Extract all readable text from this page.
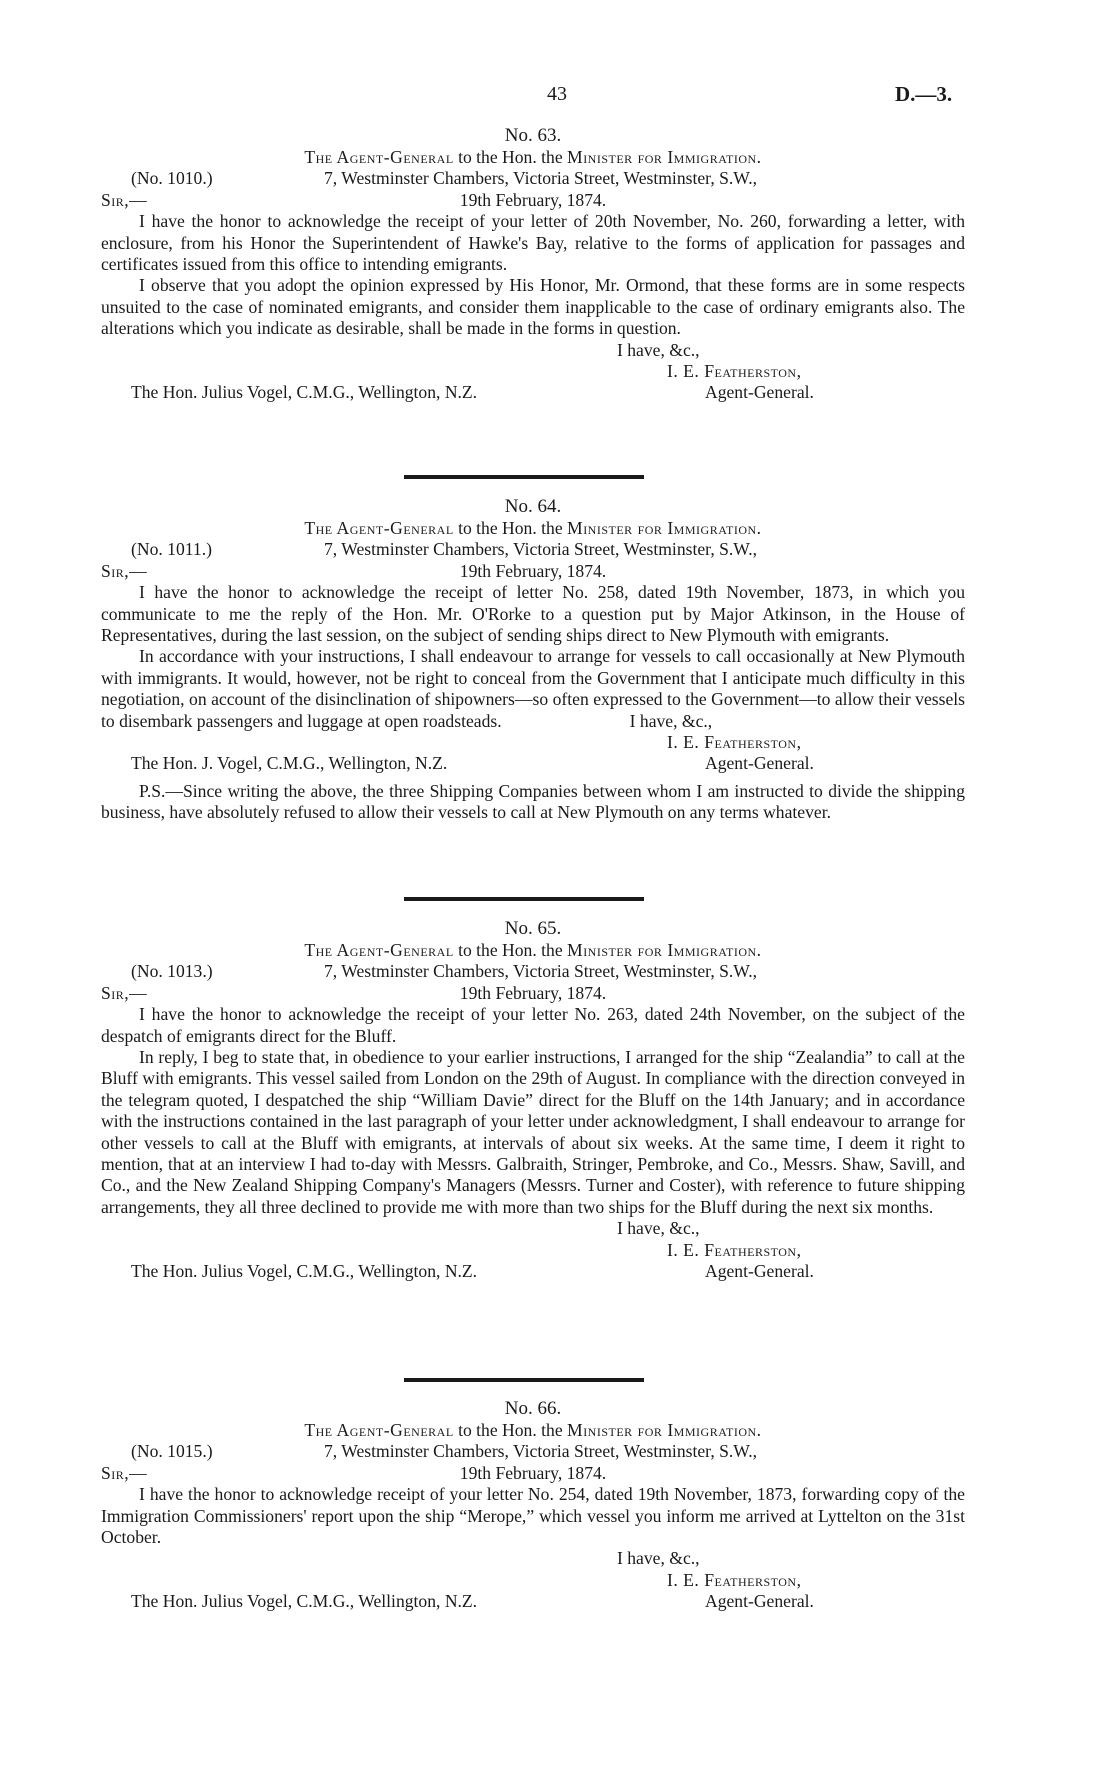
43	D.—3.

No. 63.

The Agent-General to the Hon. the Minister for Immigration.

(No. 1010.)	7, Westminster Chambers, Victoria Street, Westminster, S.W.,
Sir,—	19th February, 1874.

I have the honor to acknowledge the receipt of your letter of 20th November, No. 260, forwarding a letter, with enclosure, from his Honor the Superintendent of Hawke's Bay, relative to the forms of application for passages and certificates issued from this office to intending emigrants.

I observe that you adopt the opinion expressed by His Honor, Mr. Ormond, that these forms are in some respects unsuited to the case of nominated emigrants, and consider them inapplicable to the case of ordinary emigrants also. The alterations which you indicate as desirable, shall be made in the forms in question.

I have, &c.,
I. E. Featherston,
The Hon. Julius Vogel, C.M.G., Wellington, N.Z.	Agent-General.

No. 64.

The Agent-General to the Hon. the Minister for Immigration.

(No. 1011.)	7, Westminster Chambers, Victoria Street, Westminster, S.W.,
Sir,—	19th February, 1874.

I have the honor to acknowledge the receipt of letter No. 258, dated 19th November, 1873, in which you communicate to me the reply of the Hon. Mr. O'Rorke to a question put by Major Atkinson, in the House of Representatives, during the last session, on the subject of sending ships direct to New Plymouth with emigrants.

In accordance with your instructions, I shall endeavour to arrange for vessels to call occasionally at New Plymouth with immigrants. It would, however, not be right to conceal from the Government that I anticipate much difficulty in this negotiation, on account of the disinclination of shipowners—so often expressed to the Government—to allow their vessels to disembark passengers and luggage at open roadsteads.	I have, &c.,

I. E. Featherston,
The Hon. J. Vogel, C.M.G., Wellington, N.Z.	Agent-General.

P.S.—Since writing the above, the three Shipping Companies between whom I am instructed to divide the shipping business, have absolutely refused to allow their vessels to call at New Plymouth on any terms whatever.

No. 65.

The Agent-General to the Hon. the Minister for Immigration.

(No. 1013.)	7, Westminster Chambers, Victoria Street, Westminster, S.W.,
Sir,—	19th February, 1874.

I have the honor to acknowledge the receipt of your letter No. 263, dated 24th November, on the subject of the despatch of emigrants direct for the Bluff.

In reply, I beg to state that, in obedience to your earlier instructions, I arranged for the ship “Zealandia” to call at the Bluff with emigrants. This vessel sailed from London on the 29th of August. In compliance with the direction conveyed in the telegram quoted, I despatched the ship “William Davie” direct for the Bluff on the 14th January; and in accordance with the instructions contained in the last paragraph of your letter under acknowledgment, I shall endeavour to arrange for other vessels to call at the Bluff with emigrants, at intervals of about six weeks. At the same time, I deem it right to mention, that at an interview I had to-day with Messrs. Galbraith, Stringer, Pembroke, and Co., Messrs. Shaw, Savill, and Co., and the New Zealand Shipping Company's Managers (Messrs. Turner and Coster), with reference to future shipping arrangements, they all three declined to provide me with more than two ships for the Bluff during the next six months.

I have, &c.,
I. E. Featherston,
The Hon. Julius Vogel, C.M.G., Wellington, N.Z.	Agent-General.

No. 66.

The Agent-General to the Hon. the Minister for Immigration.

(No. 1015.)	7, Westminster Chambers, Victoria Street, Westminster, S.W.,
Sir,—	19th February, 1874.

I have the honor to acknowledge receipt of your letter No. 254, dated 19th November, 1873, forwarding copy of the Immigration Commissioners' report upon the ship “Merope,” which vessel you inform me arrived at Lyttelton on the 31st October.

I have, &c.,
I. E. Featherston,
The Hon. Julius Vogel, C.M.G., Wellington, N.Z.	Agent-General.
